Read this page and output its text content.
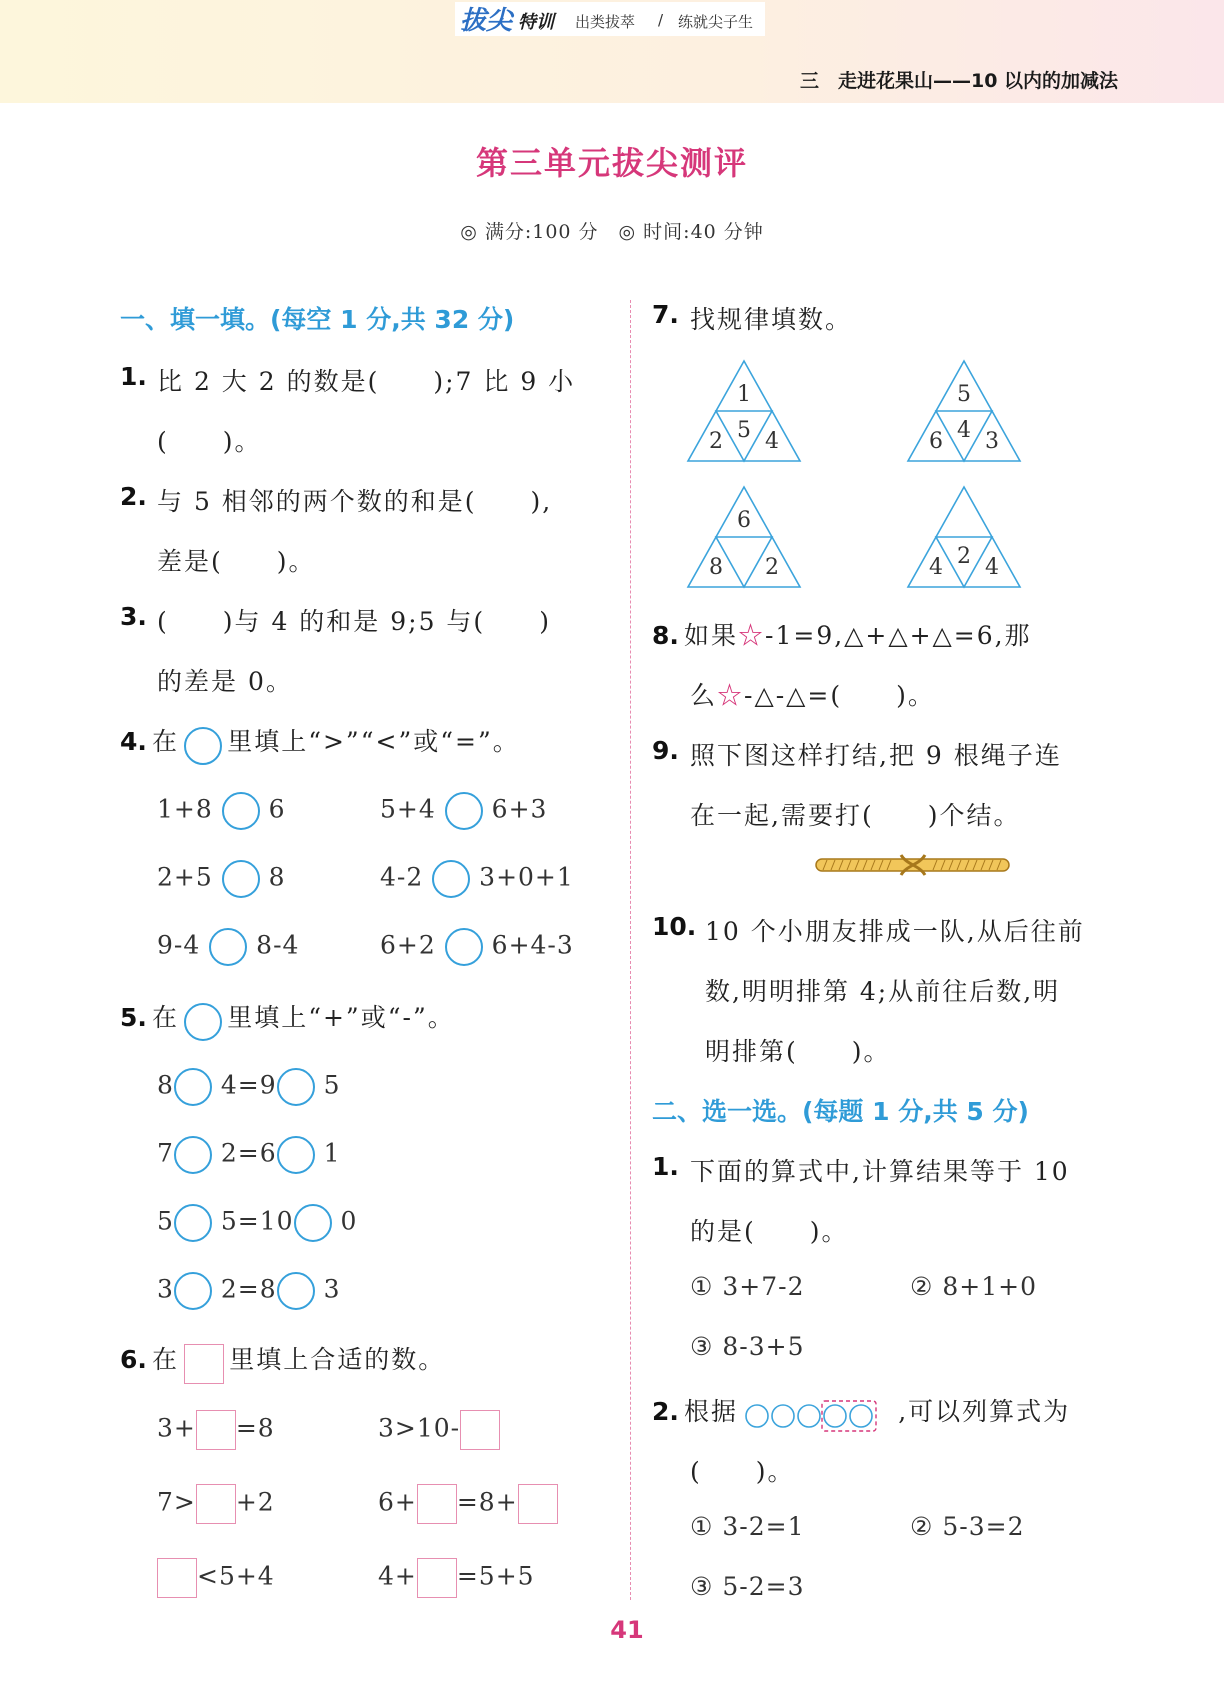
拔尖 特训 出类拔萃 / 练就尖子生
三　走进花果山——10 以内的加减法
第三单元拔尖测评
◎ 满分:100 分　◎ 时间:40 分钟
一、填一填。(每空 1 分,共 32 分)
1. 比 2 大 2 的数是(　　);7 比 9 小
(　　)。
2. 与 5 相邻的两个数的和是(　　),
差是(　　)。
3. (　　)与 4 的和是 9;5 与(　　)
的差是 0。
4. 在 里填上“>”“<”或“=”。
1+8 6	5+4 6+3
2+5 8	4-2 3+0+1
9-4 8-4	6+2 6+4-3
5. 在 里填上“+”或“-”。
8 4=9 5
7 2=6 1
5 5=10 0
3 2=8 3
6. 在 里填上合适的数。
3+ =8	3>10-
7> +2	6+ =8+
<5+4	4+ =5+5
7. 找规律填数。
1
2 5 4
5
6 4 3
6
8 2	4 2 4
8. 如果☆-1=9,△+△+△=6,那
么☆-△-△=(　　)。
9. 照下图这样打结,把 9 根绳子连
在一起,需要打(　　)个结。
10. 10 个小朋友排成一队,从后往前
数,明明排第 4;从前往后数,明
明排第(　　)。
二、选一选。(每题 1 分,共 5 分)
1. 下面的算式中,计算结果等于 10
的是(　　)。
① 3+7-2	② 8+1+0
③ 8-3+5
2. 根据	,可以列算式为
(　　)。
① 3-2=1	② 5-3=2
③ 5-2=3
41
